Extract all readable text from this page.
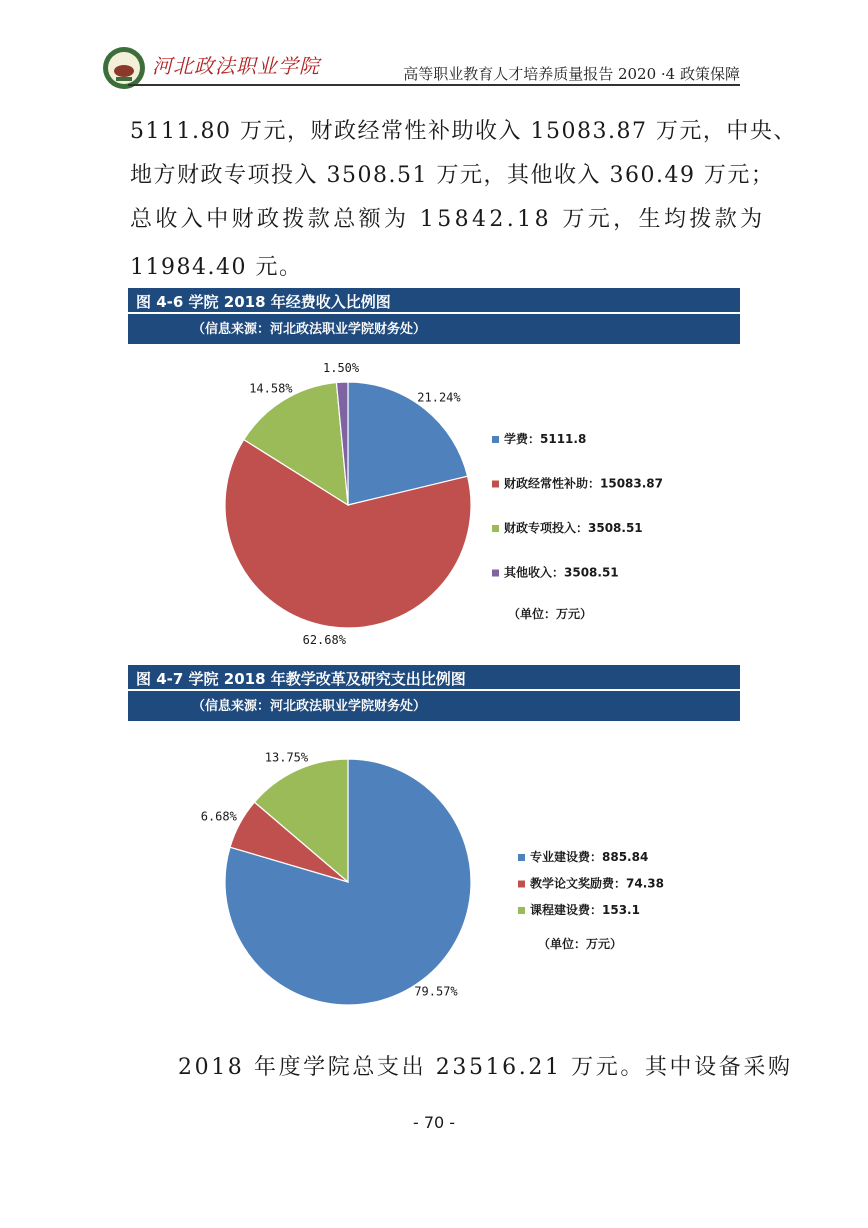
河北政法职业学院	高等职业教育人才培养质量报告 2020 ·4 政策保障
5111.80 万元，财政经常性补助收入 15083.87 万元，中央、
地方财政专项投入 3508.51 万元，其他收入 360.49 万元；
总收入中财政拨款总额为 15842.18 万元，生均拨款为
11984.40 元。
图 4-6 学院 2018 年经费收入比例图
（信息来源：河北政法职业学院财务处）
图 4-7 学院 2018 年教学改革及研究支出比例图
（信息来源：河北政法职业学院财务处）
21.24%
62.68%
14.58%
1.50%
学费：5111.8
财政经常性补助：15083.87
财政专项投入：3508.51
其他收入：3508.51
（单位：万元）
79.57%
6.68%
13.75%
专业建设费：885.84
教学论文奖励费：74.38
课程建设费：153.1
（单位：万元）
2018 年度学院总支出 23516.21 万元。其中设备采购
- 70 -
